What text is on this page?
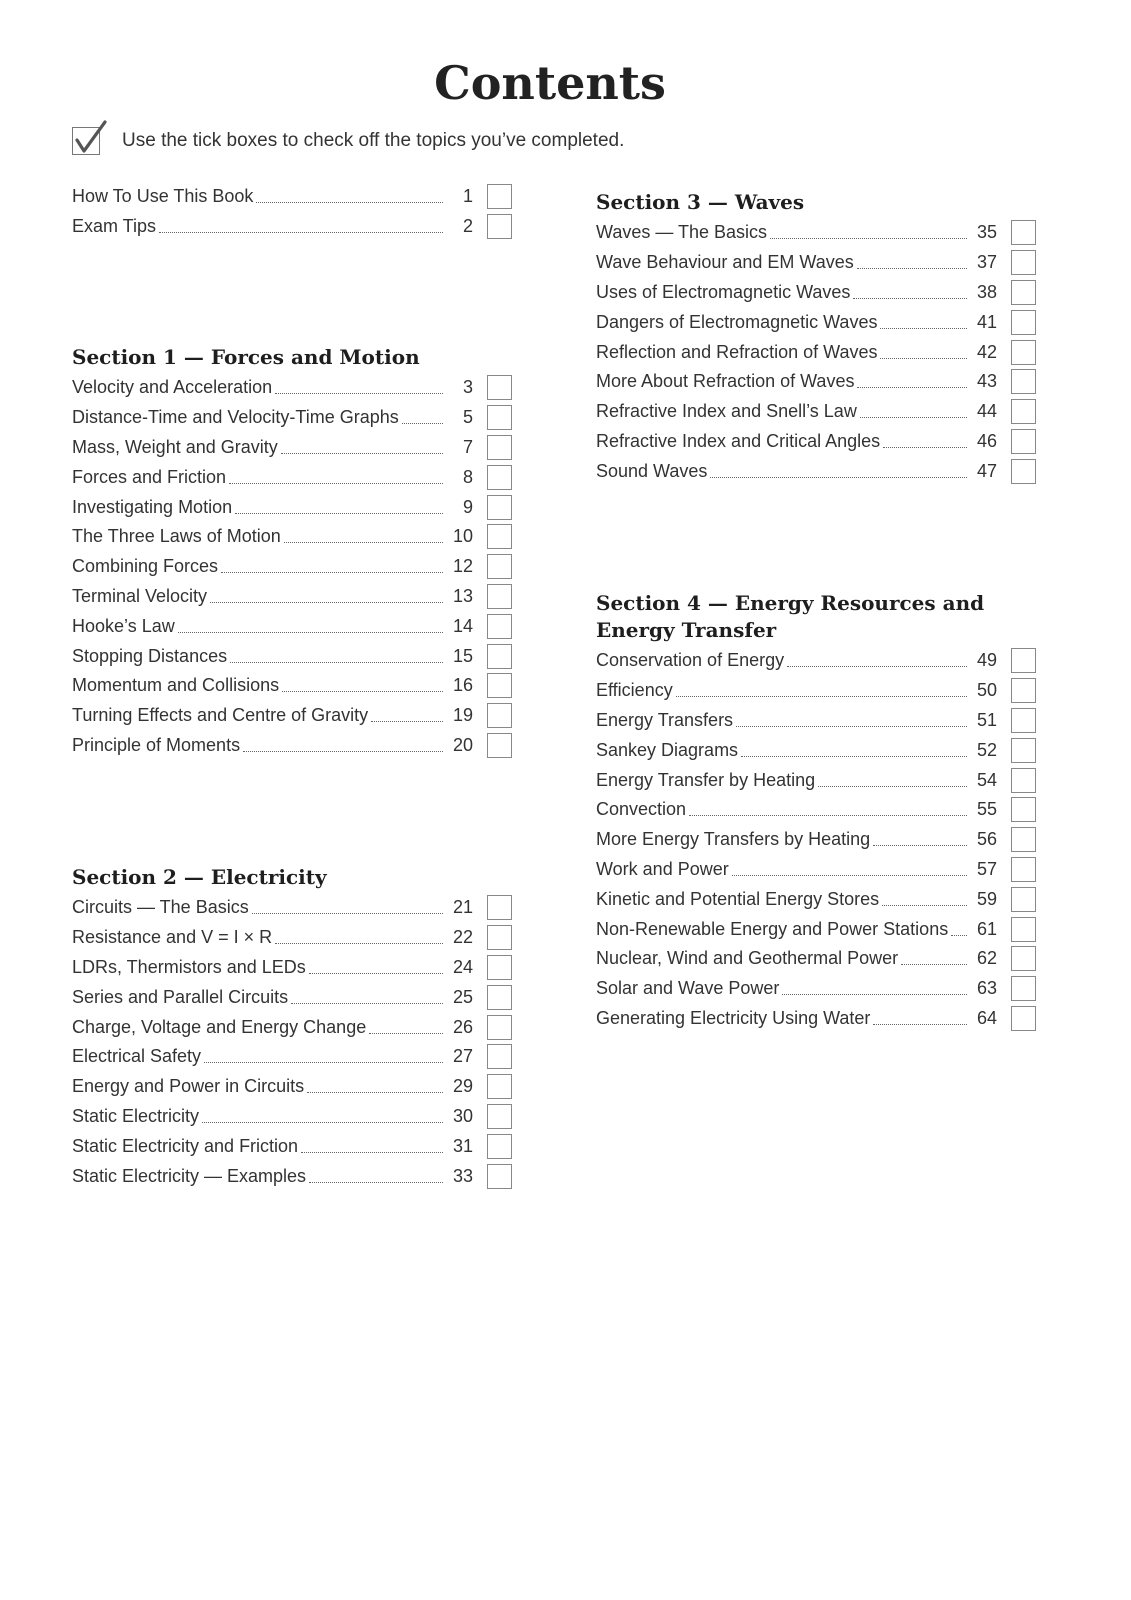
Contents
Use the tick boxes to check off the topics you’ve completed.
How To Use This Book	1
Exam Tips	2
Section 1 — Forces and Motion
Velocity and Acceleration	3
Distance-Time and Velocity-Time Graphs	5
Mass, Weight and Gravity	7
Forces and Friction	8
Investigating Motion	9
The Three Laws of Motion	10
Combining Forces	12
Terminal Velocity	13
Hooke’s Law	14
Stopping Distances	15
Momentum and Collisions	16
Turning Effects and Centre of Gravity	19
Principle of Moments	20
Section 2 — Electricity
Circuits — The Basics	21
Resistance and V = I × R	22
LDRs, Thermistors and LEDs	24
Series and Parallel Circuits	25
Charge, Voltage and Energy Change	26
Electrical Safety	27
Energy and Power in Circuits	29
Static Electricity	30
Static Electricity and Friction	31
Static Electricity — Examples	33
Section 3 — Waves
Waves — The Basics	35
Wave Behaviour and EM Waves	37
Uses of Electromagnetic Waves	38
Dangers of Electromagnetic Waves	41
Reflection and Refraction of Waves	42
More About Refraction of Waves	43
Refractive Index and Snell’s Law	44
Refractive Index and Critical Angles	46
Sound Waves	47
Section 4 — Energy Resources and
Energy Transfer
Conservation of Energy	49
Efficiency	50
Energy Transfers	51
Sankey Diagrams	52
Energy Transfer by Heating	54
Convection	55
More Energy Transfers by Heating	56
Work and Power	57
Kinetic and Potential Energy Stores	59
Non-Renewable Energy and Power Stations	61
Nuclear, Wind and Geothermal Power	62
Solar and Wave Power	63
Generating Electricity Using Water	64
